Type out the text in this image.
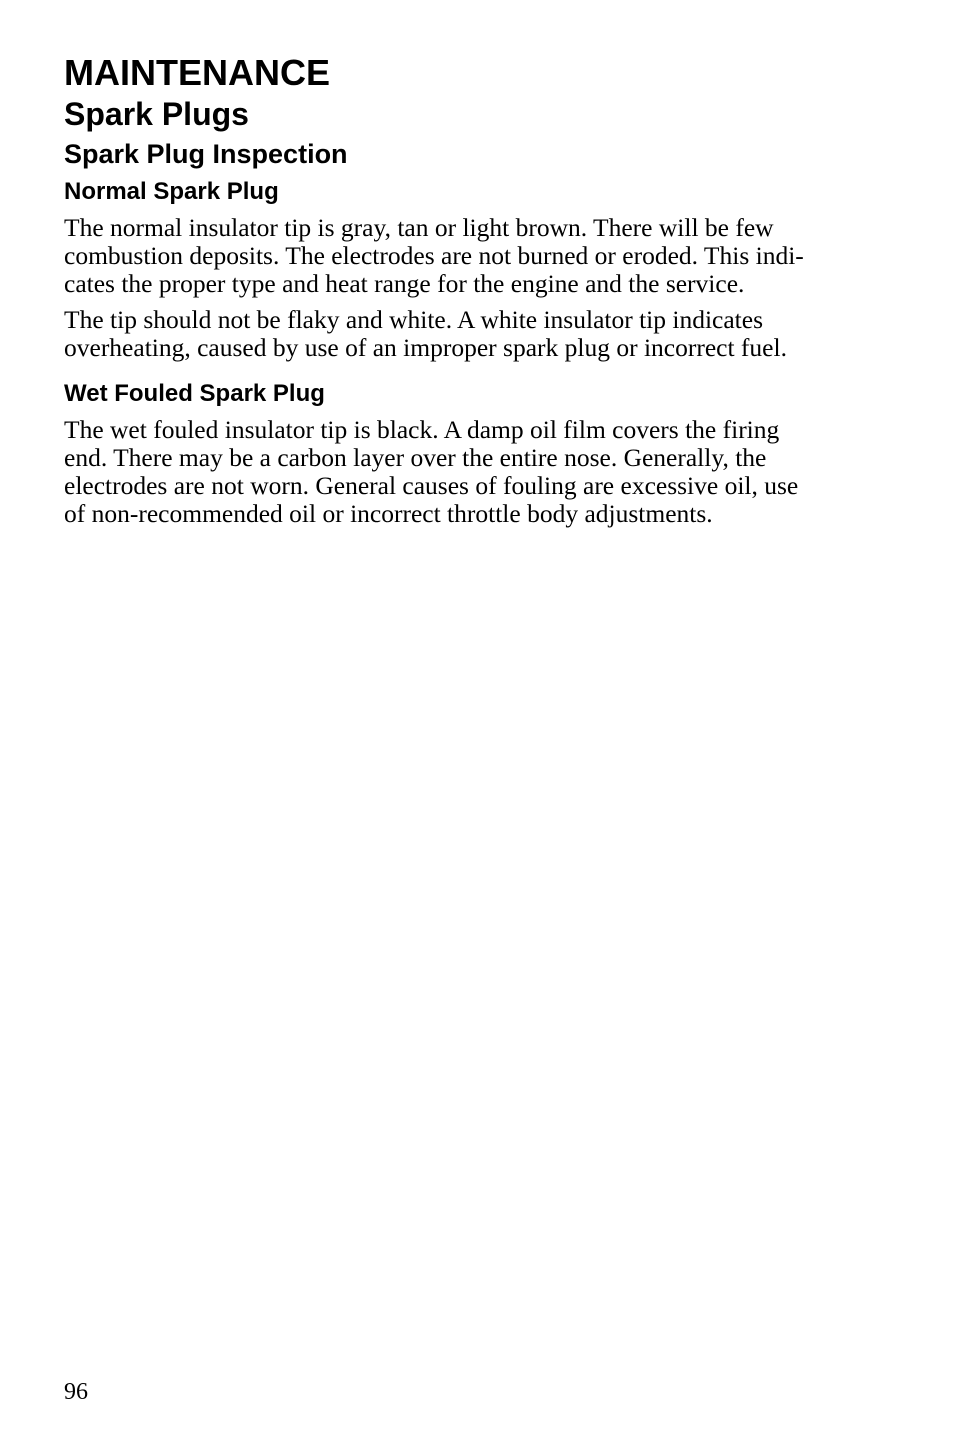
MAINTENANCE
Spark Plugs
Spark Plug Inspection
Normal Spark Plug

The normal insulator tip is gray, tan or light brown. There will be few
combustion deposits. The electrodes are not burned or eroded. This indi-
cates the proper type and heat range for the engine and the service.

The tip should not be flaky and white. A white insulator tip indicates
overheating, caused by use of an improper spark plug or incorrect fuel.

Wet Fouled Spark Plug

The wet fouled insulator tip is black. A damp oil film covers the firing
end. There may be a carbon layer over the entire nose. Generally, the
electrodes are not worn. General causes of fouling are excessive oil, use
of non-recommended oil or incorrect throttle body adjustments.

96
